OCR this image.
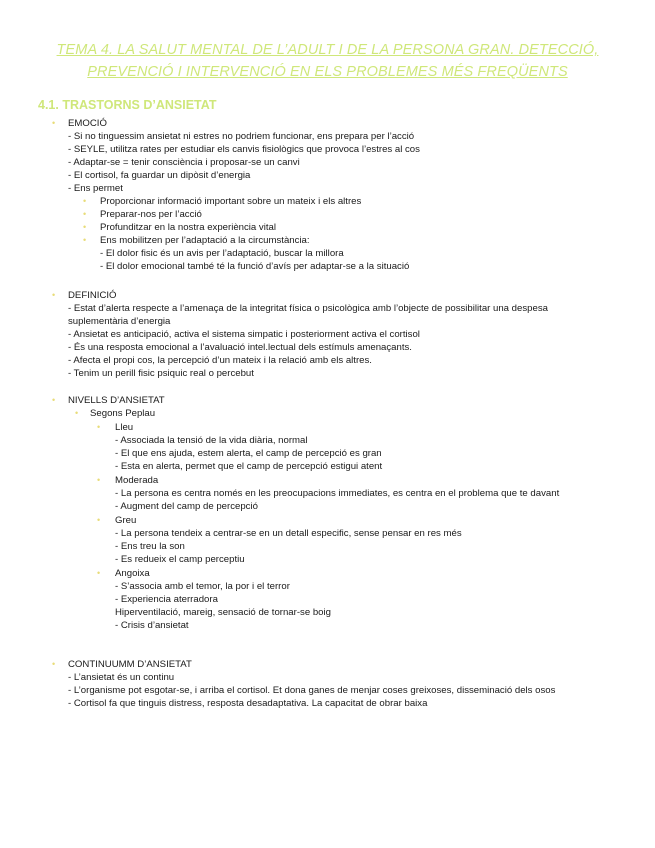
TEMA 4. LA SALUT MENTAL DE L’ADULT I DE LA PERSONA GRAN. DETECCIÓ,
PREVENCIÓ I INTERVENCIÓ EN ELS PROBLEMES MÉS FREQÜENTS
4.1. TRASTORNS D’ANSIETAT
• EMOCIÓ
- Si no tinguessim ansietat ni estres no podriem funcionar, ens prepara per l’acció
- SEYLE, utilitza rates per estudiar els canvis fisiològics que provoca l’estres al cos
- Adaptar-se = tenir consciència i proposar-se un canvi
- El cortisol, fa guardar un dipòsit d’energia
- Ens permet
• Proporcionar informació important sobre un mateix i els altres
• Preparar-nos per l’acció
• Profunditzar en la nostra experiència vital
• Ens mobilitzen per l’adaptació a la circumstància:
- El dolor fisic és un avis per l’adaptació, buscar la millora
- El dolor emocional també té la funció d’avís per adaptar-se a la situació
• DEFINICIÓ
- Estat d’alerta respecte a l’amenaça de la integritat física o psicològica amb l’objecte de possibilitar una despesa
suplementària d’energia
- Ansietat es anticipació, activa el sistema simpatic i posteriorment activa el cortisol
- És una resposta emocional a l’avaluació intel.lectual dels estímuls amenaçants.
- Afecta el propi cos, la percepció d’un mateix i la relació amb els altres.
- Tenim un perill fisic psiquic real o percebut
• NIVELLS D’ANSIETAT
• Segons Peplau
• Lleu
- Associada la tensió de la vida diària, normal
- El que ens ajuda, estem alerta, el camp de percepció es gran
- Esta en alerta, permet que el camp de percepció estigui atent
• Moderada
- La persona es centra només en les preocupacions immediates, es centra en el problema que te davant
- Augment del camp de percepció
• Greu
- La persona tendeix a centrar-se en un detall especific, sense pensar en res més
- Ens treu la son
- Es redueix el camp perceptiu
• Angoixa
- S’associa amb el temor, la por i el terror
- Experiencia aterradora
Hiperventilació, mareig, sensació de tornar-se boig
- Crisis d’ansietat
• CONTINUUMM D’ANSIETAT
- L’ansietat és un continu
- L’organisme pot esgotar-se, i arriba el cortisol. Et dona ganes de menjar coses greixoses, disseminació dels osos
- Cortisol fa que tinguis distress, resposta desadaptativa. La capacitat de obrar baixa
